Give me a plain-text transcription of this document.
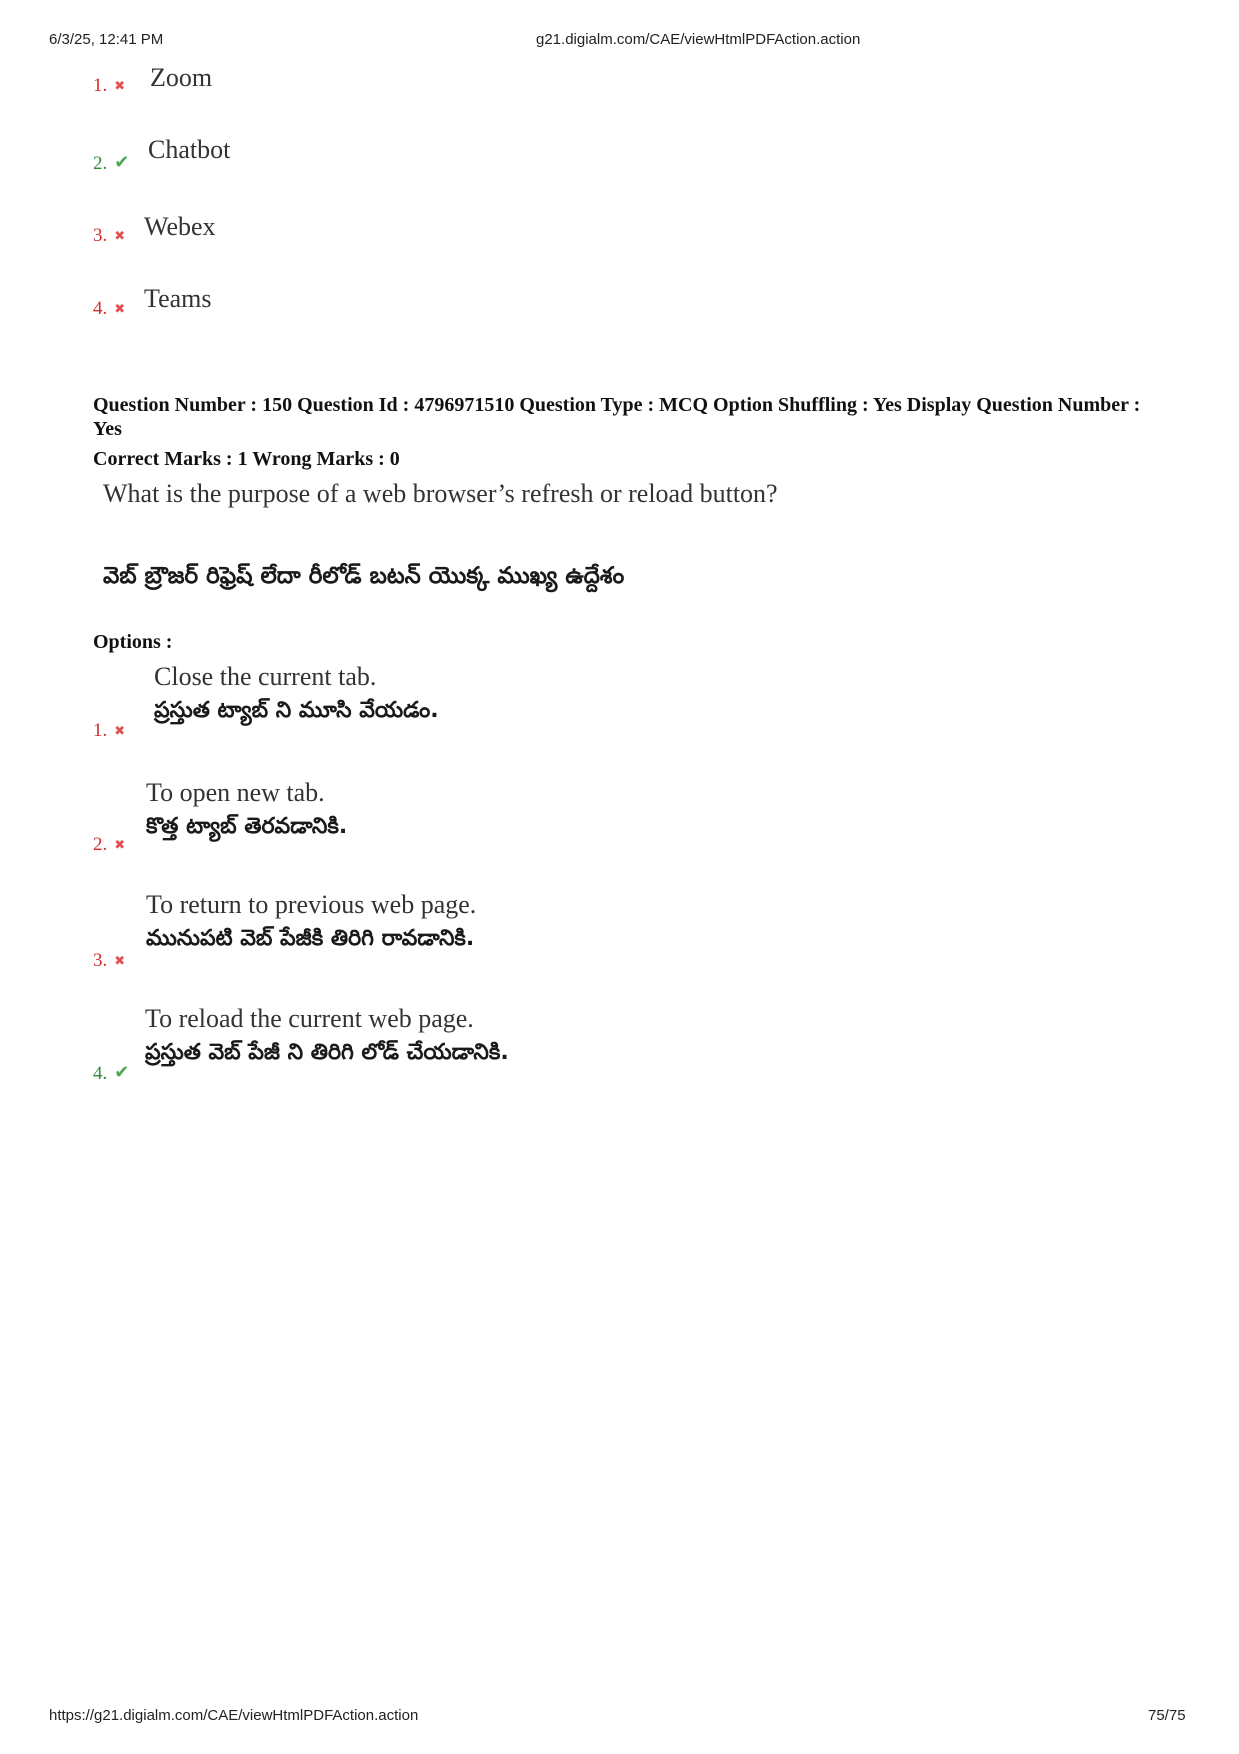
6/3/25, 12:41 PM	g21.digialm.com/CAE/viewHtmlPDFAction.action
1. ✖ Zoom
2. ✔ Chatbot
3. ✖ Webex
4. ✖ Teams
Question Number : 150 Question Id : 4796971510 Question Type : MCQ Option Shuffling : Yes Display Question Number : Yes
Correct Marks : 1 Wrong Marks : 0
What is the purpose of a web browser’s refresh or reload button?
వెబ్ బ్రౌజర్ రిఫ్రెష్ లేదా రీలోడ్ బటన్ యొక్క ముఖ్య ఉద్దేశం
Options :
Close the current tab.
ప్రస్తుత ట్యాబ్ ని మూసి వేయడం.
1. ✖
To open new tab.
కొత్త ట్యాబ్ తెరవడానికి.
2. ✖
To return to previous web page.
మునుపటి వెబ్ పేజీకి తిరిగి రావడానికి.
3. ✖
To reload the current web page.
ప్రస్తుత వెబ్ పేజీ ని తిరిగి లోడ్ చేయడానికి.
4. ✔
https://g21.digialm.com/CAE/viewHtmlPDFAction.action	75/75
